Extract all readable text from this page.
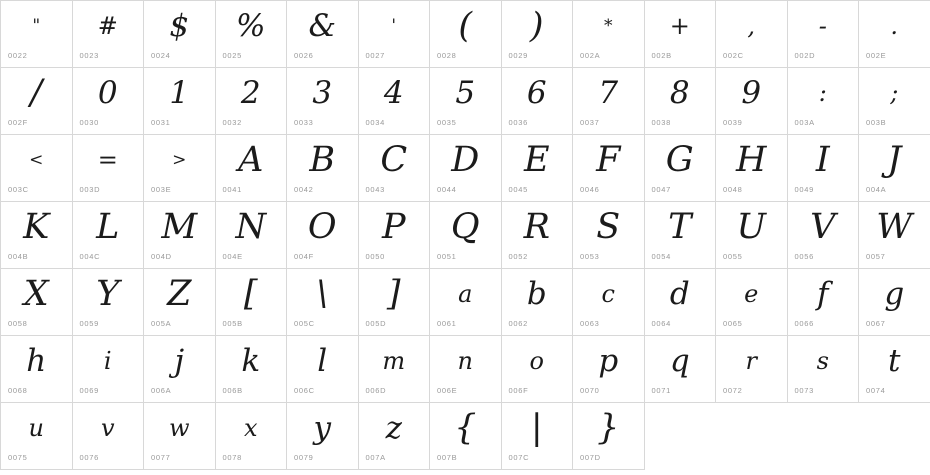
"
0022
#
0023
$
0024
%
0025
&
0026
'
0027
(
0028
)
0029
*
002A
+
002B
,
002C
-
002D
.
002E
/
002F
0
0030
1
0031
2
0032
3
0033
4
0034
5
0035
6
0036
7
0037
8
0038
9
0039
:
003A
;
003B
<
003C
=
003D
>
003E
A
0041
B
0042
C
0043
D
0044
E
0045
F
0046
G
0047
H
0048
I
0049
J
004A
K
004B
L
004C
M
004D
N
004E
O
004F
P
0050
Q
0051
R
0052
S
0053
T
0054
U
0055
V
0056
W
0057
X
0058
Y
0059
Z
005A
[
005B
\
005C
]
005D
a
0061
b
0062
c
0063
d
0064
e
0065
f
0066
g
0067
h
0068
i
0069
j
006A
k
006B
l
006C
m
006D
n
006E
o
006F
p
0070
q
0071
r
0072
s
0073
t
0074
u
0075
v
0076
w
0077
x
0078
y
0079
z
007A
{
007B
|
007C
}
007D
